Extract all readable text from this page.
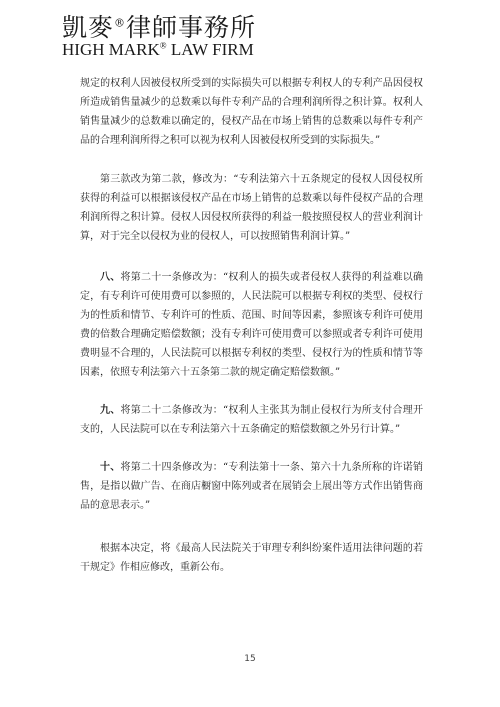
凱麥®律師事務所
HIGH MARK® LAW FIRM

规定的权利人因被侵权所受到的实际损失可以根据专利权人的专利产品因侵权所造成销售量减少的总数乘以每件专利产品的合理利润所得之积计算。权利人销售量减少的总数难以确定的，侵权产品在市场上销售的总数乘以每件专利产品的合理利润所得之积可以视为权利人因被侵权所受到的实际损失。”

第三款改为第二款，修改为：“专利法第六十五条规定的侵权人因侵权所获得的利益可以根据该侵权产品在市场上销售的总数乘以每件侵权产品的合理利润所得之积计算。侵权人因侵权所获得的利益一般按照侵权人的营业利润计算，对于完全以侵权为业的侵权人，可以按照销售利润计算。”

八、将第二十一条修改为：“权利人的损失或者侵权人获得的利益难以确定，有专利许可使用费可以参照的，人民法院可以根据专利权的类型、侵权行为的性质和情节、专利许可的性质、范围、时间等因素，参照该专利许可使用费的倍数合理确定赔偿数额；没有专利许可使用费可以参照或者专利许可使用费明显不合理的，人民法院可以根据专利权的类型、侵权行为的性质和情节等因素，依照专利法第六十五条第二款的规定确定赔偿数额。”

九、将第二十二条修改为：“权利人主张其为制止侵权行为所支付合理开支的，人民法院可以在专利法第六十五条确定的赔偿数额之外另行计算。”

十、将第二十四条修改为：“专利法第十一条、第六十九条所称的许诺销售，是指以做广告、在商店橱窗中陈列或者在展销会上展出等方式作出销售商品的意思表示。”

根据本决定，将《最高人民法院关于审理专利纠纷案件适用法律问题的若干规定》作相应修改，重新公布。

15
